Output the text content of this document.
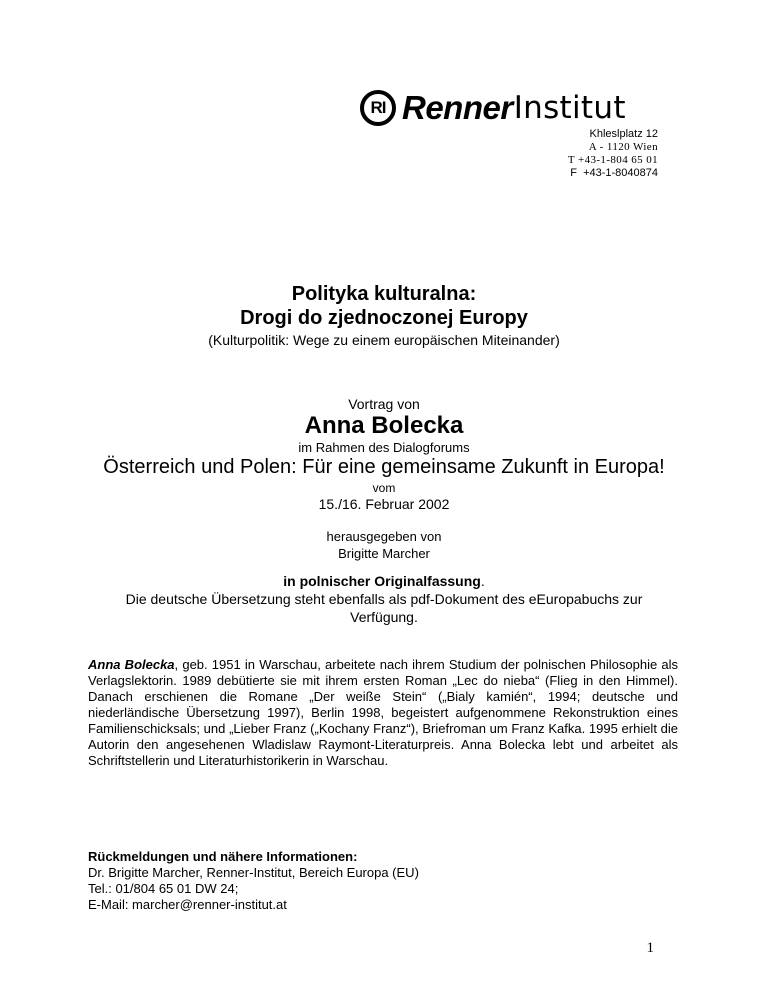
RI Renner Institut
Khleslplatz 12
A - 1120 Wien
T +43-1-804 65 01
F  +43-1-8040874
Polityka kulturalna:
Drogi do zjednoczonej Europy
(Kulturpolitik: Wege zu einem europäischen Miteinander)
Vortrag von
Anna Bolecka
im Rahmen des Dialogforums
Österreich und Polen: Für eine gemeinsame Zukunft in Europa!
vom
15./16. Februar 2002
herausgegeben von
Brigitte Marcher
in polnischer Originalfassung.
Die deutsche Übersetzung steht ebenfalls als pdf-Dokument des eEuropabuchs zur Verfügung.
Anna Bolecka, geb. 1951 in Warschau, arbeitete nach ihrem Studium der polnischen Philosophie als Verlagslektorin. 1989 debütierte sie mit ihrem ersten Roman „Lec do nieba“ (Flieg in den Himmel). Danach erschienen die Romane „Der weiße Stein“ („Bialy kamién“, 1994; deutsche und niederländische Übersetzung 1997), Berlin 1998, begeistert aufgenommene Rekonstruktion eines Familienschicksals; und „Lieber Franz („Kochany Franz“), Briefroman um Franz Kafka. 1995 erhielt die Autorin den angesehenen Wladislaw Raymont-Literaturpreis. Anna Bolecka lebt und arbeitet als Schriftstellerin und Literaturhistorikerin in Warschau.
Rückmeldungen und nähere Informationen:
Dr. Brigitte Marcher, Renner-Institut, Bereich Europa (EU)
Tel.: 01/804 65 01 DW 24;
E-Mail: marcher@renner-institut.at
1
